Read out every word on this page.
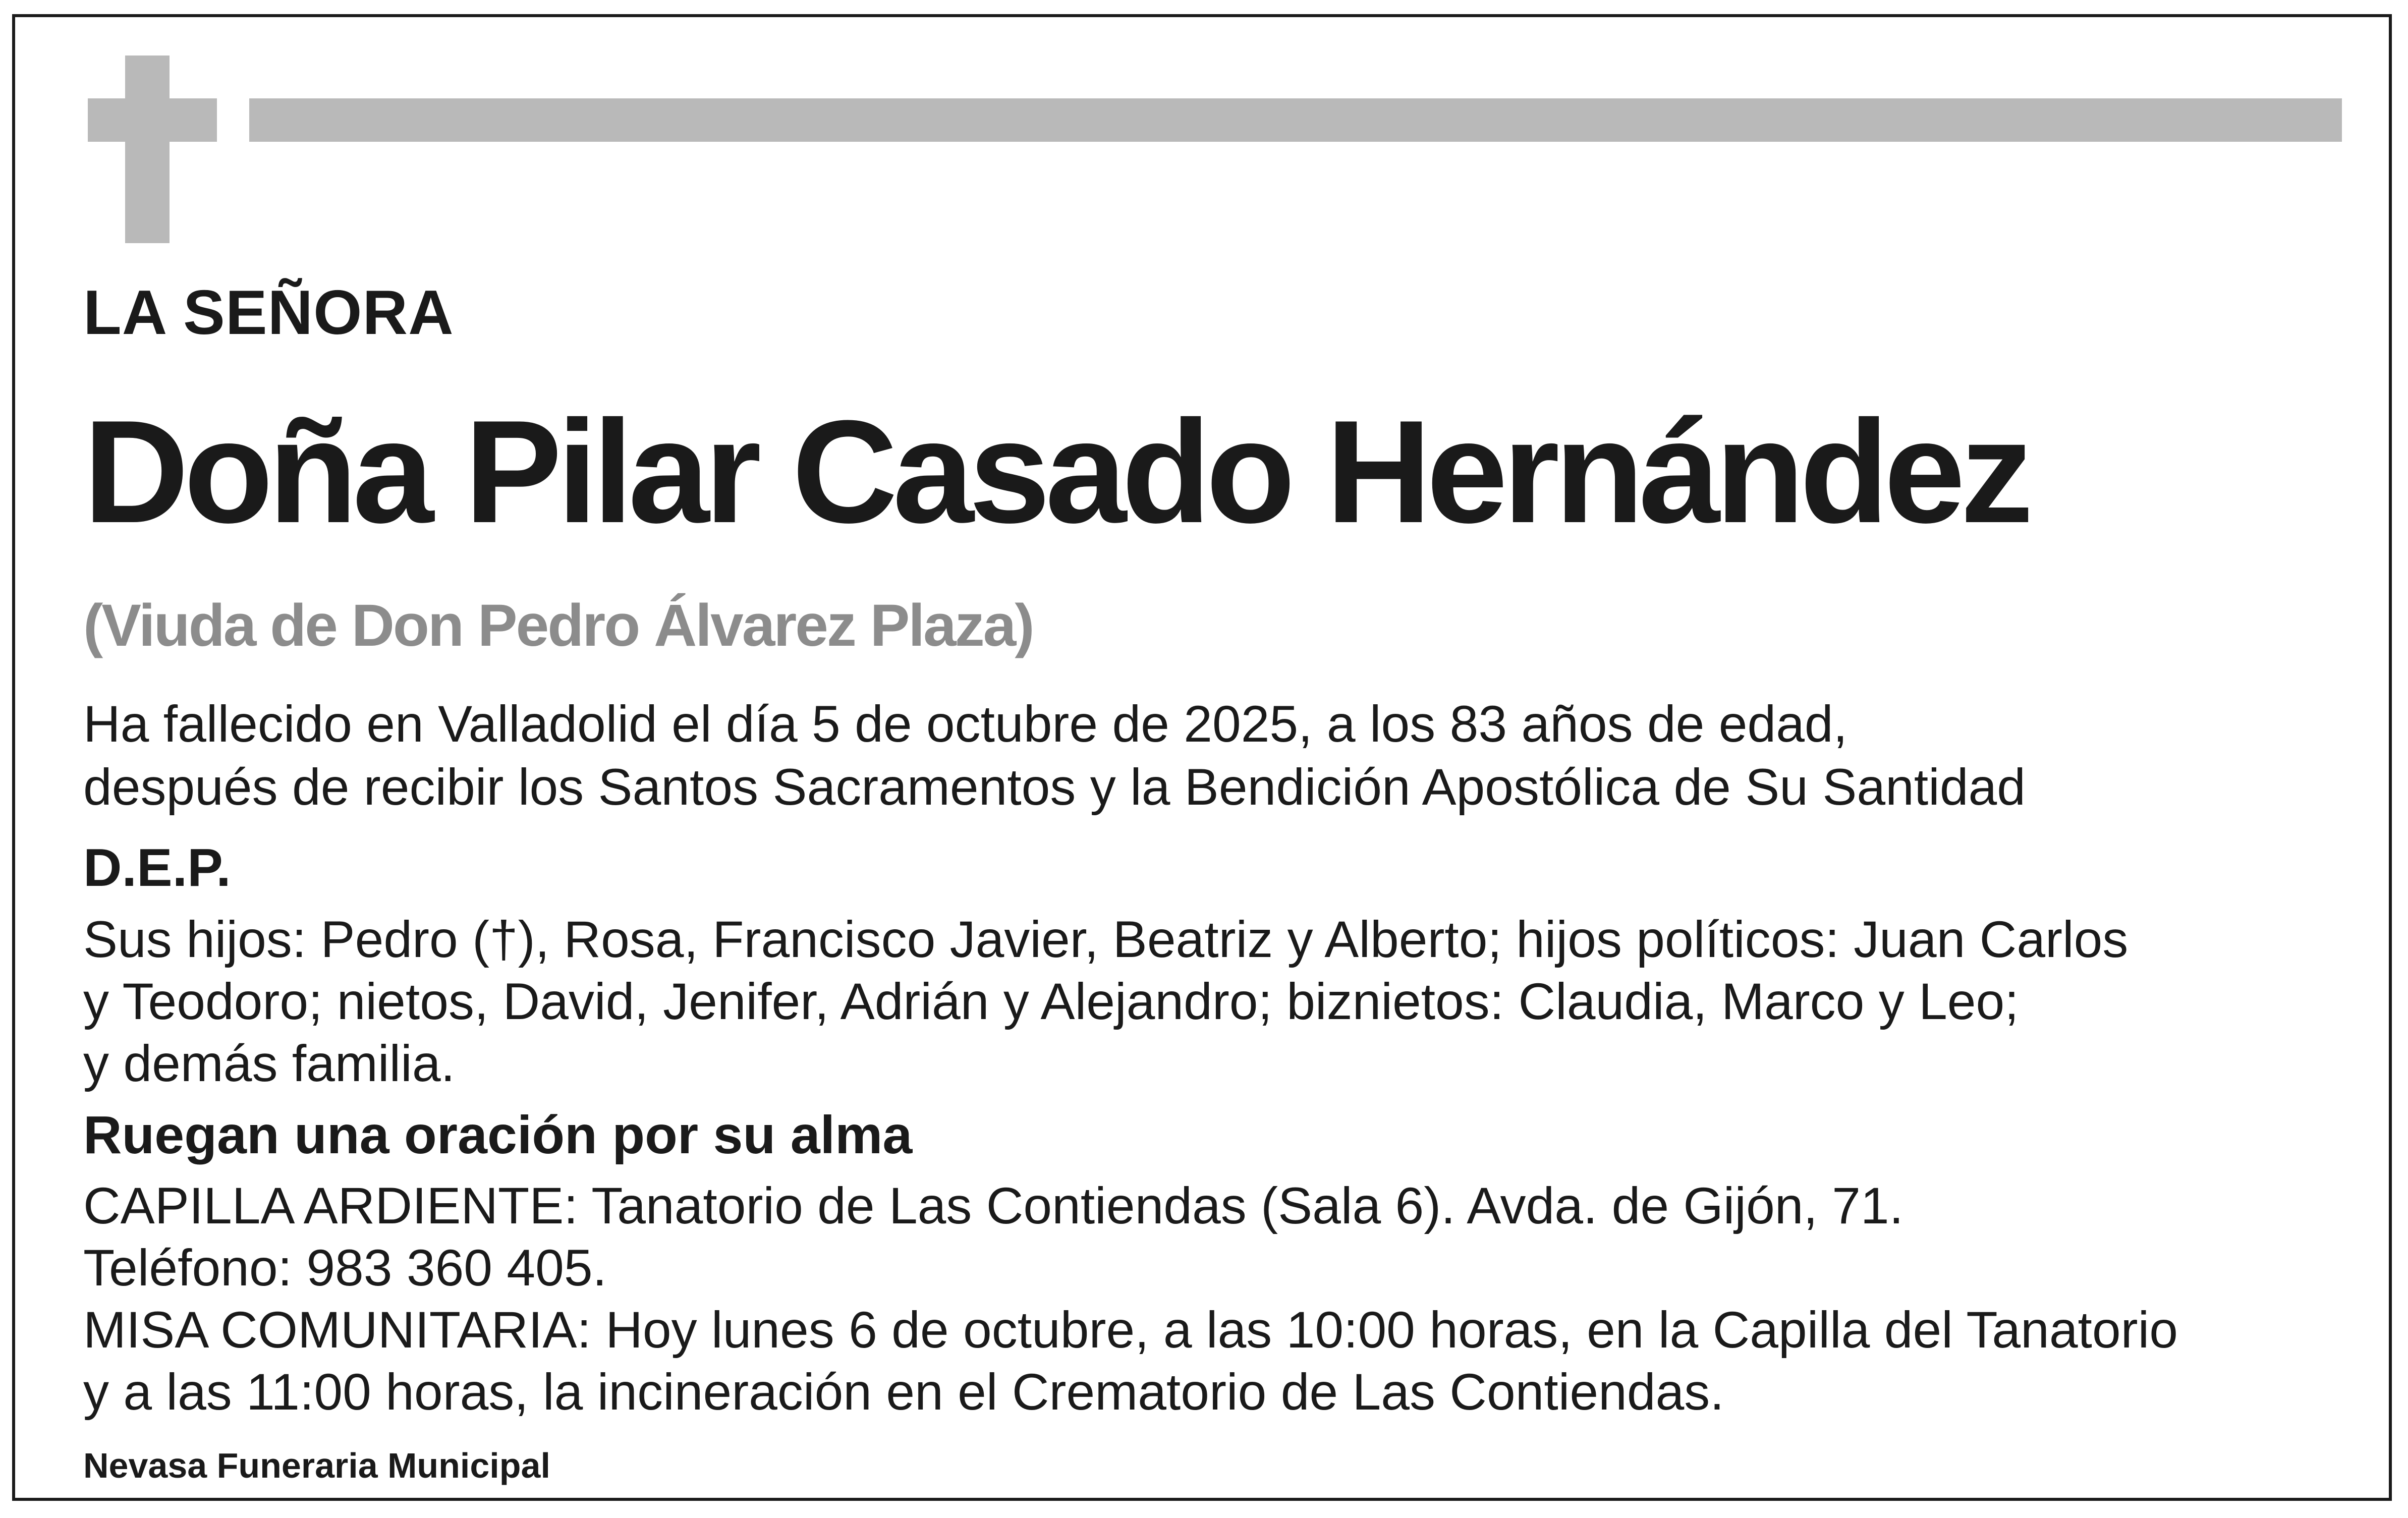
LA SEÑORA

Doña Pilar Casado Hernández

(Viuda de Don Pedro Álvarez Plaza)

Ha fallecido en Valladolid el día 5 de octubre de 2025, a los 83 años de edad,

después de recibir los Santos Sacramentos y la Bendición Apostólica de Su Santidad

D.E.P.

Sus hijos: Pedro (†), Rosa, Francisco Javier, Beatriz y Alberto; hijos políticos: Juan Carlos

y Teodoro; nietos, David, Jenifer, Adrián y Alejandro; biznietos: Claudia, Marco y Leo;

y demás familia.

Ruegan una oración por su alma

CAPILLA ARDIENTE: Tanatorio de Las Contiendas (Sala 6). Avda. de Gijón, 71.

Teléfono: 983 360 405.

MISA COMUNITARIA: Hoy lunes 6 de octubre, a las 10:00 horas, en la Capilla del Tanatorio

y a las 11:00 horas, la incineración en el Crematorio de Las Contiendas.

Nevasa Funeraria Municipal
